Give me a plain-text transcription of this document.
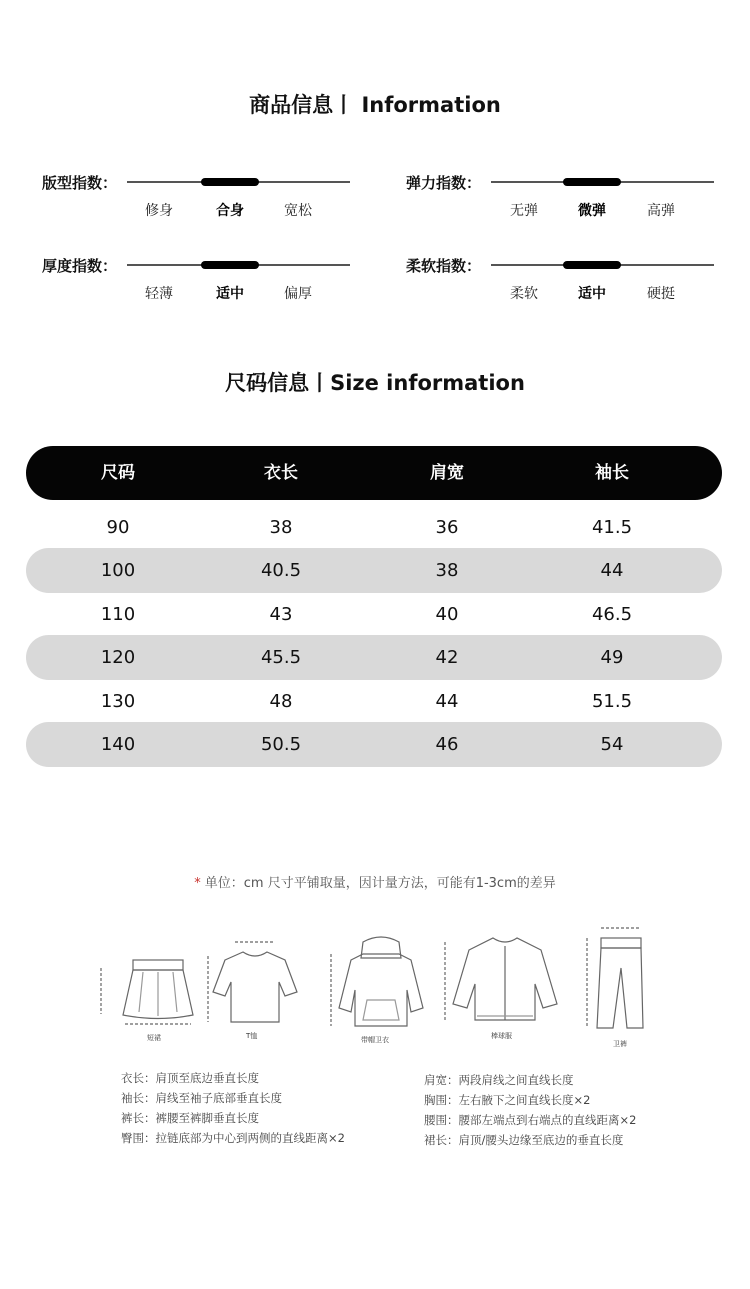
商品信息丨 Information
版型指数：
修身	合身	宽松
弹力指数：
无弹	微弹	高弹
厚度指数：
轻薄	适中	偏厚
柔软指数：
柔软	适中	硬挺
尺码信息丨Size information
尺码	衣长	肩宽	袖长
90	38	36	41.5
100	40.5	38	44
110	43	40	46.5
120	45.5	42	49
130	48	44	51.5
140	50.5	46	54
* 单位：cm 尺寸平铺取量，因计量方法，可能有1-3cm的差异
短裙	T恤	带帽卫衣	棒球服
卫裤
衣长：肩顶至底边垂直长度
袖长：肩线至袖子底部垂直长度
裤长：裤腰至裤脚垂直长度
臀围：拉链底部为中心到两侧的直线距离×2
肩宽：两段肩线之间直线长度
胸围：左右腋下之间直线长度×2
腰围：腰部左端点到右端点的直线距离×2
裙长：肩顶/腰头边缘至底边的垂直长度
